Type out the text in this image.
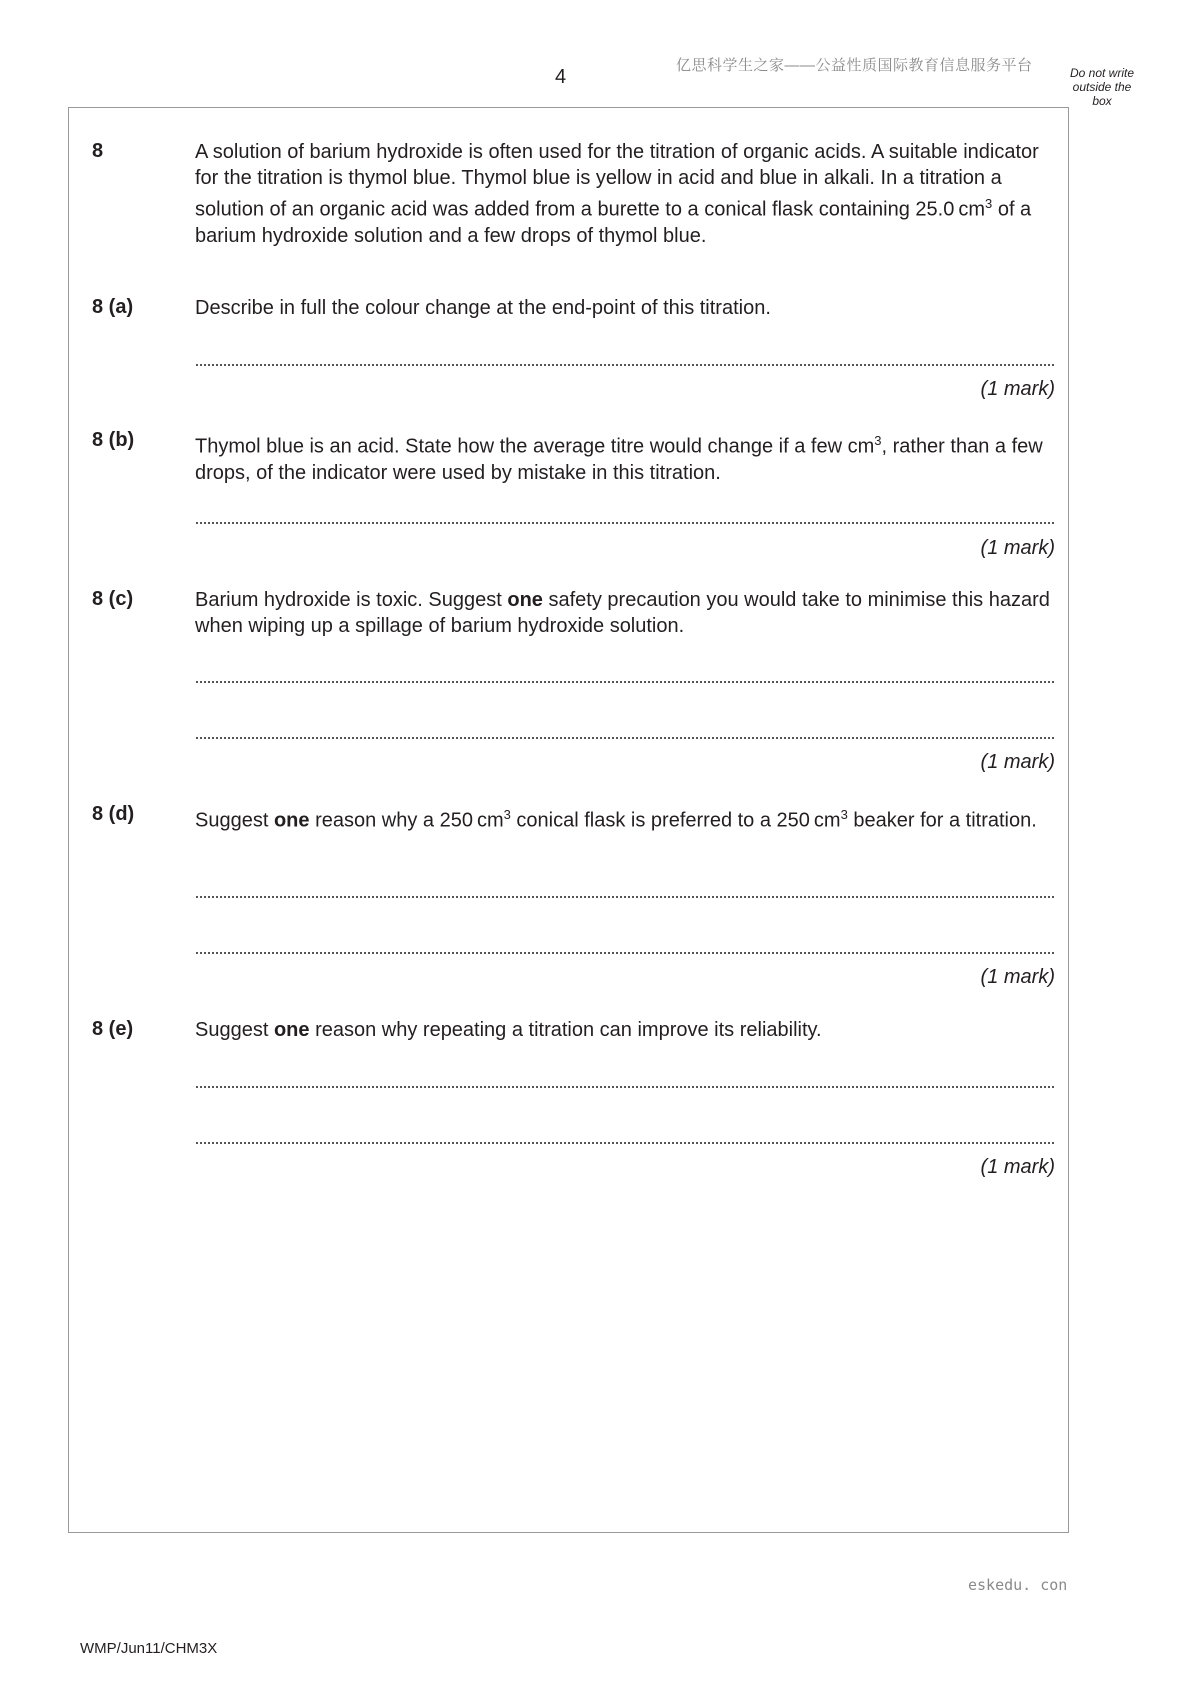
4
亿思科学生之家——公益性质国际教育信息服务平台	Do not write
outside the
box
8	A solution of barium hydroxide is often used for the titration of organic acids. A suitable indicator for the titration is thymol blue. Thymol blue is yellow in acid and blue in alkali. In a titration a solution of an organic acid was added from a burette to a conical flask containing 25.0 $cm^3$ of a barium hydroxide solution and a few drops of thymol blue.
8 (a)	Describe in full the colour change at the end-point of this titration.
(1 mark)
8 (b)	Thymol blue is an acid. State how the average titre would change if a few $cm^3$, rather than a few drops, of the indicator were used by mistake in this titration.
(1 mark)
8 (c)	Barium hydroxide is toxic. Suggest one safety precaution you would take to minimise this hazard when wiping up a spillage of barium hydroxide solution.
(1 mark)
8 (d)	Suggest one reason why a 250 $cm^3$ conical flask is preferred to a 250 $cm^3$ beaker for a titration.
(1 mark)
8 (e)	Suggest one reason why repeating a titration can improve its reliability.
(1 mark)
eskedu. con
WMP/Jun11/CHM3X
